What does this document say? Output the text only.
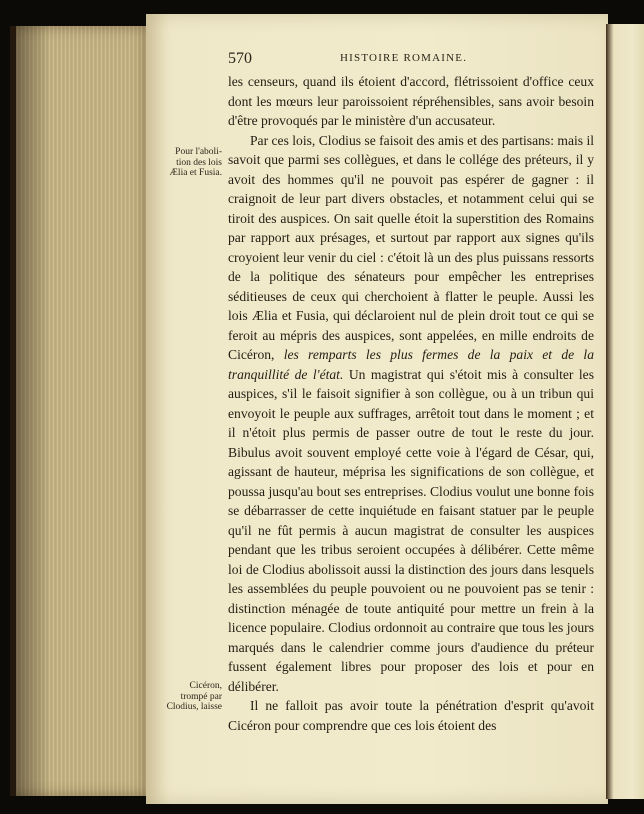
570	HISTOIRE ROMAINE.
Pour l'aboli-
tion des lois
Ælia et Fusia.
Cicéron,
trompé par
Clodius, laisse

les censeurs, quand ils étoient d'accord, flétrissoient d'office ceux dont les mœurs leur paroissoient répréhensibles, sans avoir besoin d'être provoqués par le ministère d'un accusateur.

Par ces lois, Clodius se faisoit des amis et des partisans: mais il savoit que parmi ses collègues, et dans le collége des préteurs, il y avoit des hommes qu'il ne pouvoit pas espérer de gagner : il craignoit de leur part divers obstacles, et notamment celui qui se tiroit des auspices. On sait quelle étoit la superstition des Romains par rapport aux présages, et surtout par rapport aux signes qu'ils croyoient leur venir du ciel : c'étoit là un des plus puissans ressorts de la politique des sénateurs pour empêcher les entreprises séditieuses de ceux qui cherchoient à flatter le peuple. Aussi les lois Ælia et Fusia, qui déclaroient nul de plein droit tout ce qui se feroit au mépris des auspices, sont appelées, en mille endroits de Cicéron, les remparts les plus fermes de la paix et de la tranquillité de l'état. Un magistrat qui s'étoit mis à consulter les auspices, s'il le faisoit signifier à son collègue, ou à un tribun qui envoyoit le peuple aux suffrages, arrêtoit tout dans le moment ; et il n'étoit plus permis de passer outre de tout le reste du jour. Bibulus avoit souvent employé cette voie à l'égard de César, qui, agissant de hauteur, méprisa les significations de son collègue, et poussa jusqu'au bout ses entreprises. Clodius voulut une bonne fois se débarrasser de cette inquiétude en faisant statuer par le peuple qu'il ne fût permis à aucun magistrat de consulter les auspices pendant que les tribus seroient occupées à délibérer. Cette même loi de Clodius abolissoit aussi la distinction des jours dans lesquels les assemblées du peuple pouvoient ou ne pouvoient pas se tenir : distinction ménagée de toute antiquité pour mettre un frein à la licence populaire. Clodius ordonnoit au contraire que tous les jours marqués dans le calendrier comme jours d'audience du préteur fussent également libres pour proposer des lois et pour en délibérer.

Il ne falloit pas avoir toute la pénétration d'esprit qu'avoit Cicéron pour comprendre que ces lois étoient des
